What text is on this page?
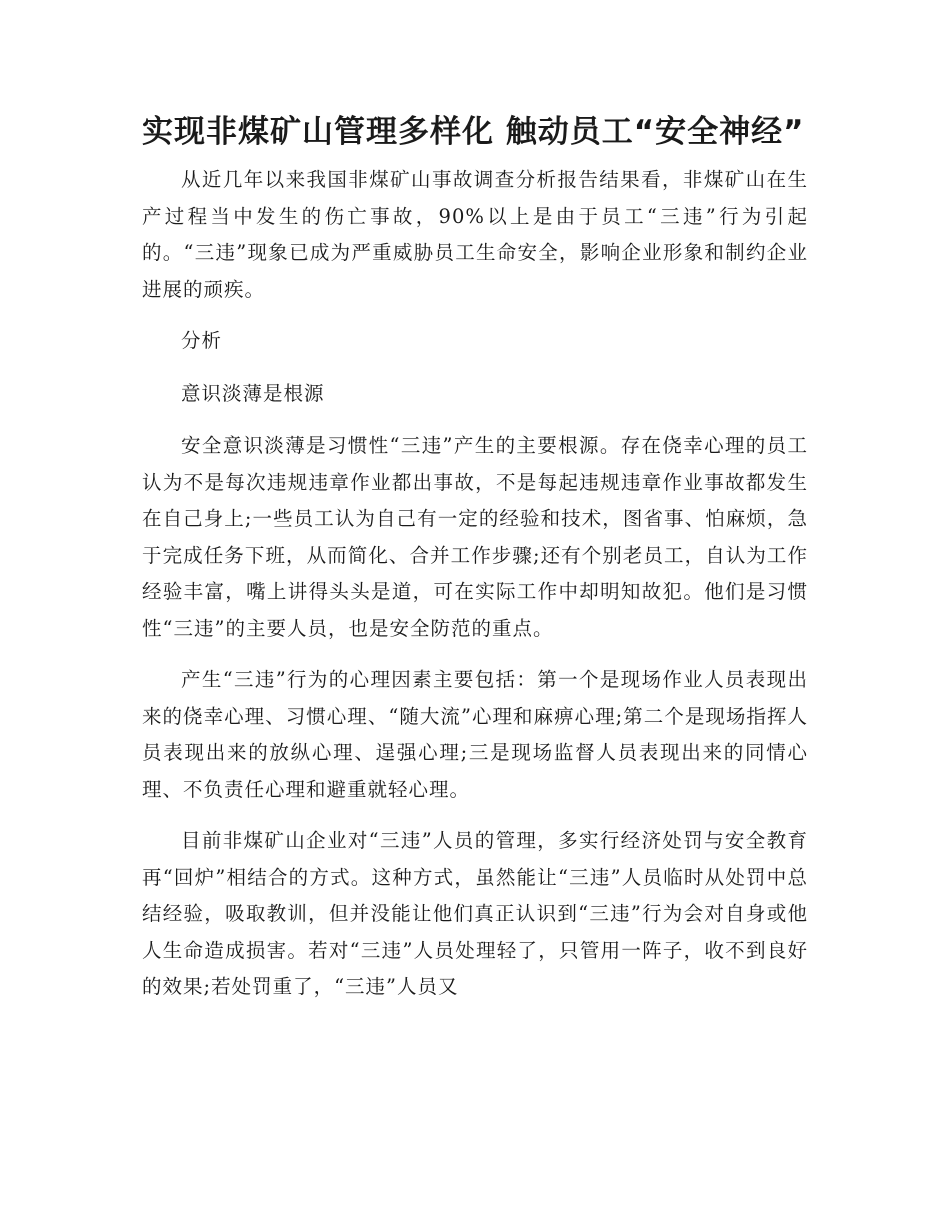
实现非煤矿山管理多样化 触动员工“安全神经”

从近几年以来我国非煤矿山事故调查分析报告结果看，非煤矿山在生产过程当中发生的伤亡事故，90%以上是由于员工“三违”行为引起的。“三违”现象已成为严重威胁员工生命安全，影响企业形象和制约企业进展的顽疾。

分析

意识淡薄是根源

安全意识淡薄是习惯性“三违”产生的主要根源。存在侥幸心理的员工认为不是每次违规违章作业都出事故，不是每起违规违章作业事故都发生在自己身上;一些员工认为自己有一定的经验和技术，图省事、怕麻烦，急于完成任务下班，从而简化、合并工作步骤;还有个别老员工，自认为工作经验丰富，嘴上讲得头头是道，可在实际工作中却明知故犯。他们是习惯性“三违”的主要人员，也是安全防范的重点。

产生“三违”行为的心理因素主要包括：第一个是现场作业人员表现出来的侥幸心理、习惯心理、“随大流”心理和麻痹心理;第二个是现场指挥人员表现出来的放纵心理、逞强心理;三是现场监督人员表现出来的同情心理、不负责任心理和避重就轻心理。

目前非煤矿山企业对“三违”人员的管理，多实行经济处罚与安全教育再“回炉”相结合的方式。这种方式，虽然能让“三违”人员临时从处罚中总结经验，吸取教训，但并没能让他们真正认识到“三违”行为会对自身或他人生命造成损害。若对“三违”人员处理轻了，只管用一阵子，收不到良好的效果;若处罚重了，“三违”人员又
